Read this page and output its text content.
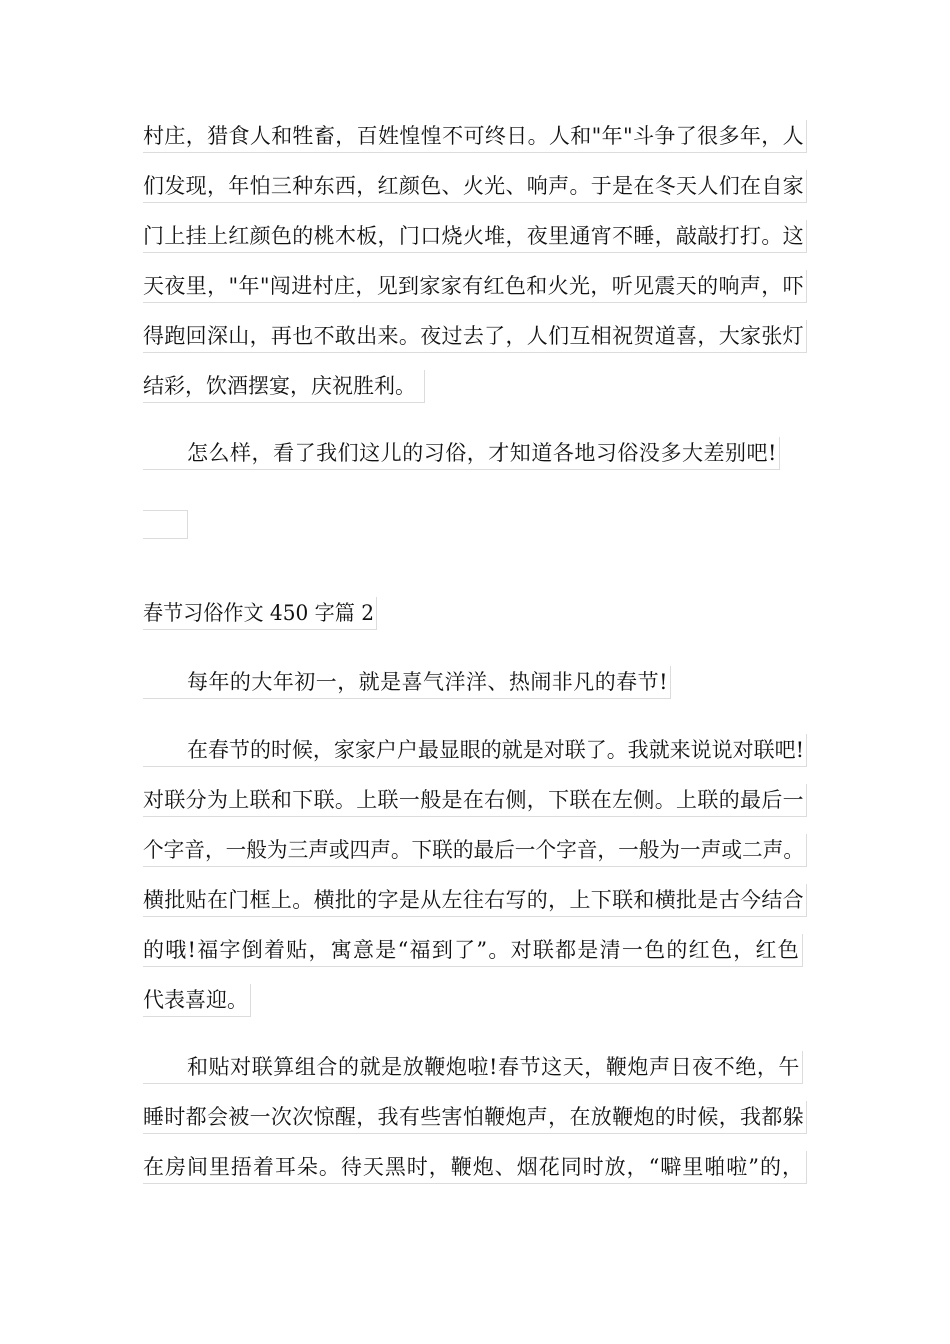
村庄，猎食人和牲畜，百姓惶惶不可终日。人和"年"斗争了很多年，人
们发现，年怕三种东西，红颜色、火光、响声。于是在冬天人们在自家
门上挂上红颜色的桃木板，门口烧火堆，夜里通宵不睡，敲敲打打。这
天夜里，"年"闯进村庄，见到家家有红色和火光，听见震天的响声，吓
得跑回深山，再也不敢出来。夜过去了，人们互相祝贺道喜，大家张灯
结彩，饮酒摆宴，庆祝胜利。
怎么样，看了我们这儿的习俗，才知道各地习俗没多大差别吧!
春节习俗作文 450 字篇 2
每年的大年初一，就是喜气洋洋、热闹非凡的春节!
在春节的时候，家家户户最显眼的就是对联了。我就来说说对联吧!
对联分为上联和下联。上联一般是在右侧，下联在左侧。上联的最后一
个字音，一般为三声或四声。下联的最后一个字音，一般为一声或二声。
横批贴在门框上。横批的字是从左往右写的，上下联和横批是古今结合
的哦!福字倒着贴，寓意是“福到了”。对联都是清一色的红色，红色
代表喜迎。
和贴对联算组合的就是放鞭炮啦!春节这天，鞭炮声日夜不绝，午
睡时都会被一次次惊醒，我有些害怕鞭炮声，在放鞭炮的时候，我都躲
在房间里捂着耳朵。待天黑时，鞭炮、烟花同时放，“噼里啪啦”的，
